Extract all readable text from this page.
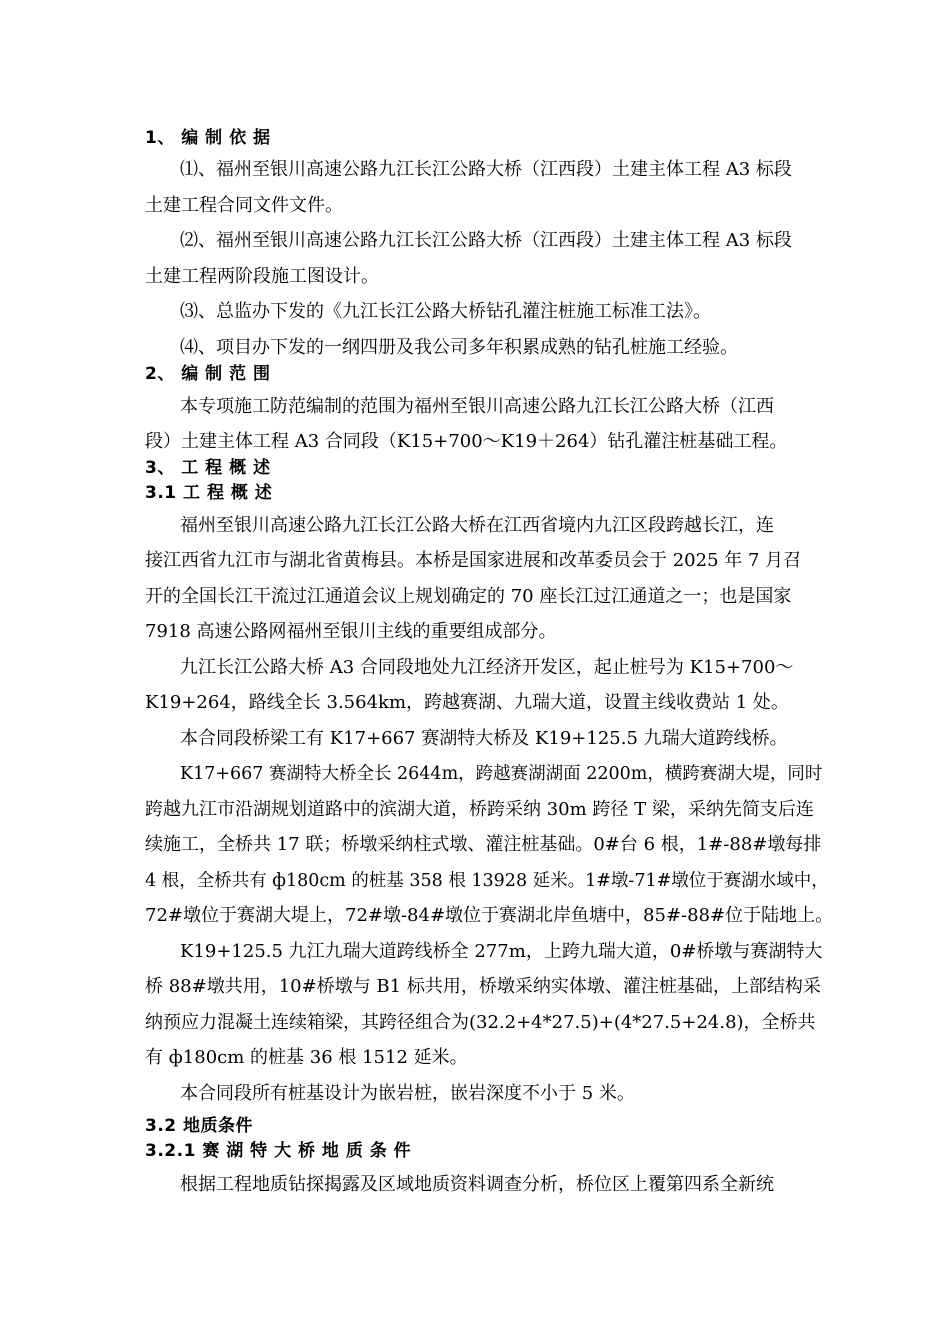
1、 编 制 依 据
⑴、福州至银川高速公路九江长江公路大桥（江西段）土建主体工程 A3 标段
土建工程合同文件文件。
⑵、福州至银川高速公路九江长江公路大桥（江西段）土建主体工程 A3 标段
土建工程两阶段施工图设计。
⑶、总监办下发的《九江长江公路大桥钻孔灌注桩施工标准工法》。
⑷、项目办下发的一纲四册及我公司多年积累成熟的钻孔桩施工经验。
2、 编 制 范 围
本专项施工防范编制的范围为福州至银川高速公路九江长江公路大桥（江西
段）土建主体工程 A3 合同段（K15+700～K19＋264）钻孔灌注桩基础工程。
3、 工 程 概 述
3.1 工 程 概 述
福州至银川高速公路九江长江公路大桥在江西省境内九江区段跨越长江，连
接江西省九江市与湖北省黄梅县。本桥是国家进展和改革委员会于 2025 年 7 月召
开的全国长江干流过江通道会议上规划确定的 70 座长江过江通道之一；也是国家
7918 高速公路网福州至银川主线的重要组成部分。
九江长江公路大桥 A3 合同段地处九江经济开发区，起止桩号为 K15+700～
K19+264，路线全长 3.564km，跨越赛湖、九瑞大道，设置主线收费站 1 处。
本合同段桥梁工有 K17+667 赛湖特大桥及 K19+125.5 九瑞大道跨线桥。
K17+667 赛湖特大桥全长 2644m，跨越赛湖湖面 2200m，横跨赛湖大堤，同时
跨越九江市沿湖规划道路中的滨湖大道，桥跨采纳 30m 跨径 T 梁，采纳先简支后连
续施工，全桥共 17 联；桥墩采纳柱式墩、灌注桩基础。0#台 6 根，1#-88#墩每排
4 根，全桥共有 ф180cm 的桩基 358 根 13928 延米。1#墩-71#墩位于赛湖水域中，
72#墩位于赛湖大堤上，72#墩-84#墩位于赛湖北岸鱼塘中，85#-88#位于陆地上。
K19+125.5 九江九瑞大道跨线桥全 277m，上跨九瑞大道，0#桥墩与赛湖特大
桥 88#墩共用，10#桥墩与 B1 标共用，桥墩采纳实体墩、灌注桩基础，上部结构采
纳预应力混凝土连续箱梁，其跨径组合为(32.2+4*27.5)+(4*27.5+24.8)，全桥共
有 ф180cm 的桩基 36 根 1512 延米。
本合同段所有桩基设计为嵌岩桩，嵌岩深度不小于 5 米。
3.2 地质条件
3.2.1 赛 湖 特 大 桥 地 质 条 件
根据工程地质钻探揭露及区域地质资料调查分析，桥位区上覆第四系全新统
